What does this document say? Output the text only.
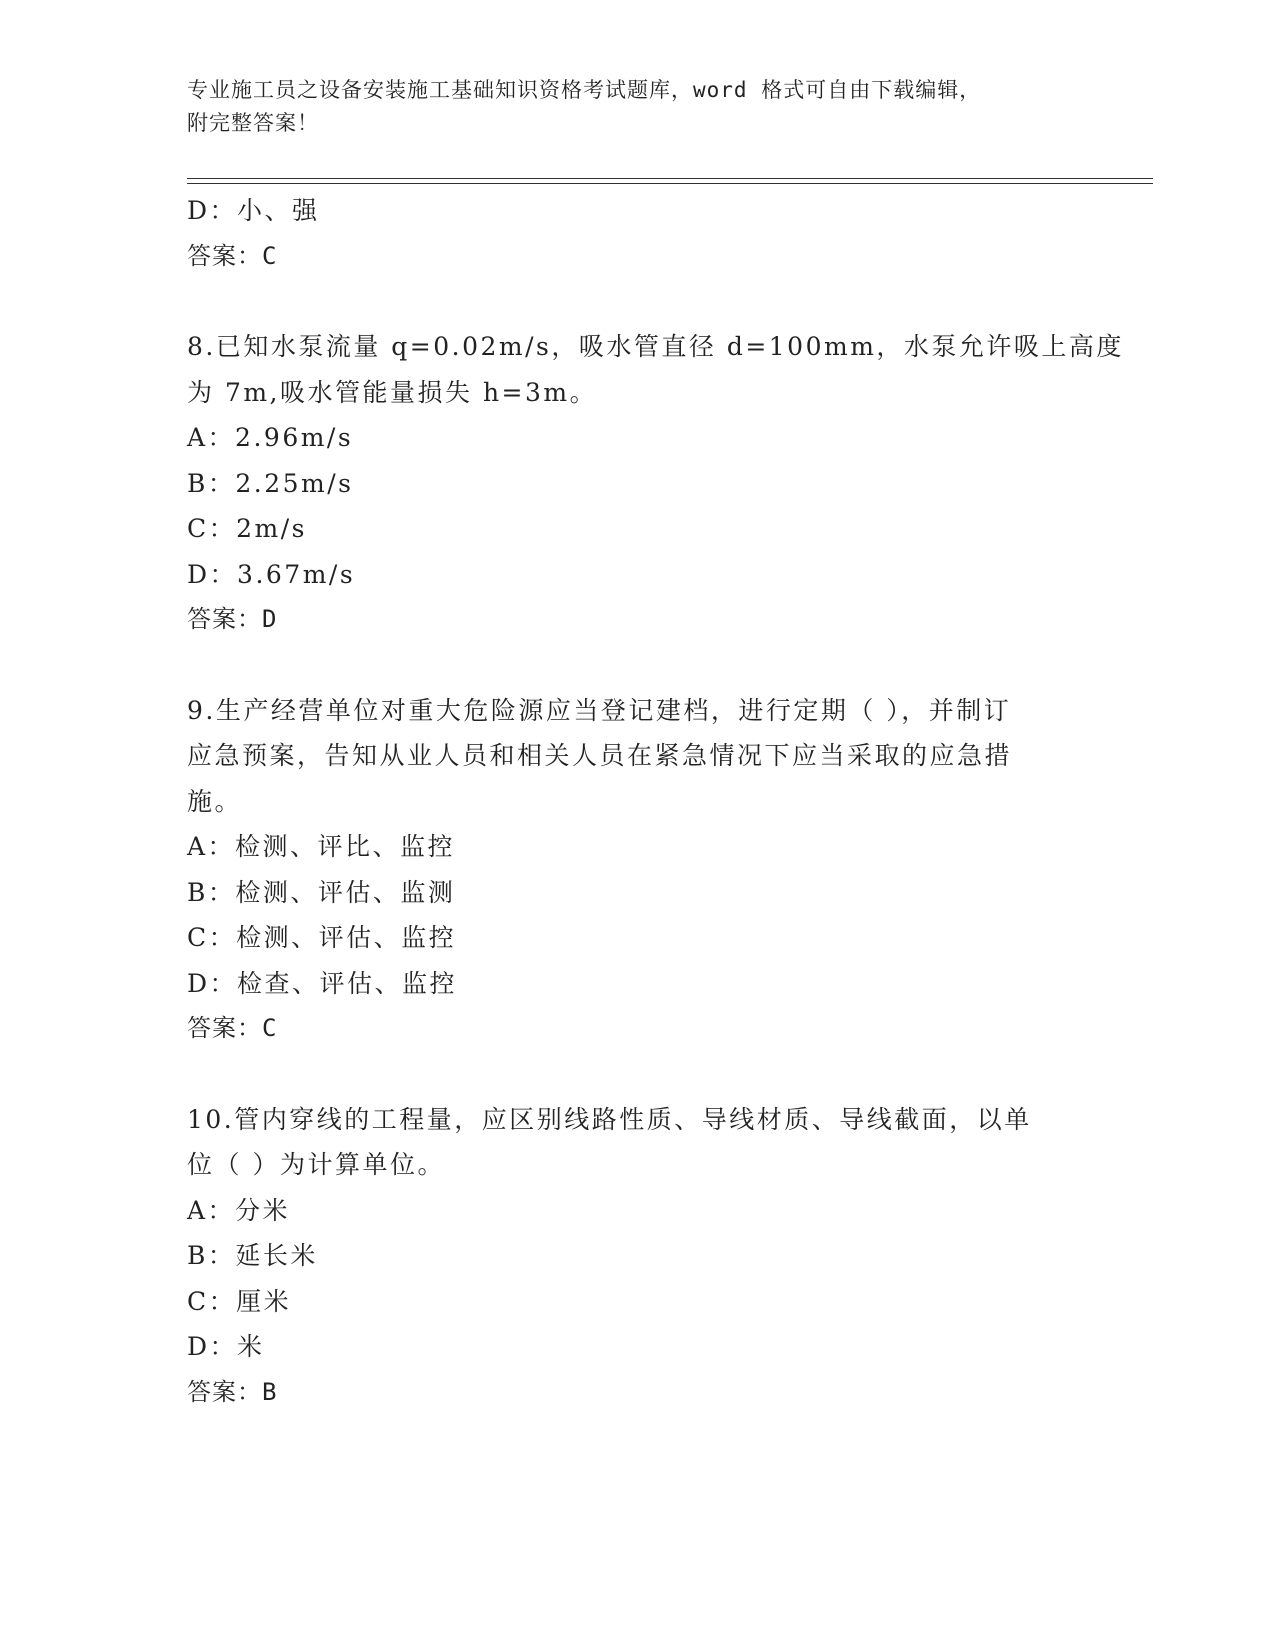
专业施工员之设备安装施工基础知识资格考试题库，word 格式可自由下载编辑，
附完整答案！
D：小、强
答案：C
8.已知水泵流量 q=0.02m/s，吸水管直径 d=100mm，水泵允许吸上高度
为 7m,吸水管能量损失 h=3m。
A：2.96m/s
B：2.25m/s
C：2m/s
D：3.67m/s
答案：D
9.生产经营单位对重大危险源应当登记建档，进行定期（ ），并制订
应急预案，告知从业人员和相关人员在紧急情况下应当采取的应急措
施。
A：检测、评比、监控
B：检测、评估、监测
C：检测、评估、监控
D：检查、评估、监控
答案：C
10.管内穿线的工程量，应区别线路性质、导线材质、导线截面，以单
位（ ）为计算单位。
A：分米
B：延长米
C：厘米
D：米
答案：B
